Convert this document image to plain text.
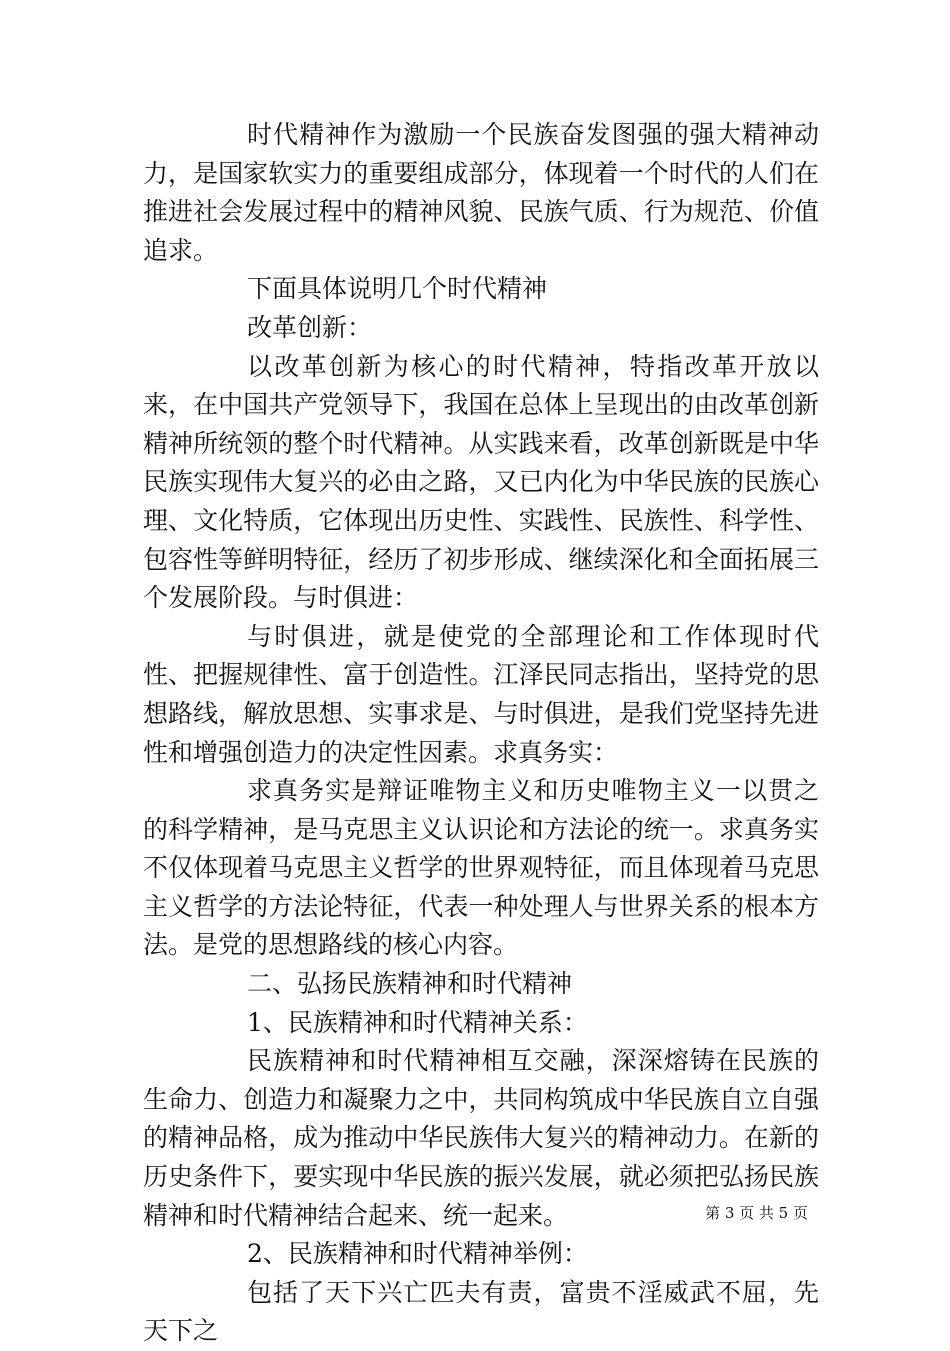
时代精神作为激励一个民族奋发图强的强大精神动力，是国家软实力的重要组成部分，体现着一个时代的人们在推进社会发展过程中的精神风貌、民族气质、行为规范、价值追求。

下面具体说明几个时代精神

改革创新：

以改革创新为核心的时代精神，特指改革开放以来，在中国共产党领导下，我国在总体上呈现出的由改革创新精神所统领的整个时代精神。从实践来看，改革创新既是中华民族实现伟大复兴的必由之路，又已内化为中华民族的民族心理、文化特质，它体现出历史性、实践性、民族性、科学性、包容性等鲜明特征，经历了初步形成、继续深化和全面拓展三个发展阶段。与时俱进：

与时俱进，就是使党的全部理论和工作体现时代性、把握规律性、富于创造性。江泽民同志指出，坚持党的思想路线，解放思想、实事求是、与时俱进，是我们党坚持先进性和增强创造力的决定性因素。求真务实：

求真务实是辩证唯物主义和历史唯物主义一以贯之的科学精神，是马克思主义认识论和方法论的统一。求真务实不仅体现着马克思主义哲学的世界观特征，而且体现着马克思主义哲学的方法论特征，代表一种处理人与世界关系的根本方法。是党的思想路线的核心内容。

二、弘扬民族精神和时代精神

1、民族精神和时代精神关系：

民族精神和时代精神相互交融，深深熔铸在民族的生命力、创造力和凝聚力之中，共同构筑成中华民族自立自强的精神品格，成为推动中华民族伟大复兴的精神动力。在新的历史条件下，要实现中华民族的振兴发展，就必须把弘扬民族精神和时代精神结合起来、统一起来。

2、民族精神和时代精神举例：

包括了天下兴亡匹夫有责，富贵不淫威武不屈，先天下之

第 3 页 共 5 页
